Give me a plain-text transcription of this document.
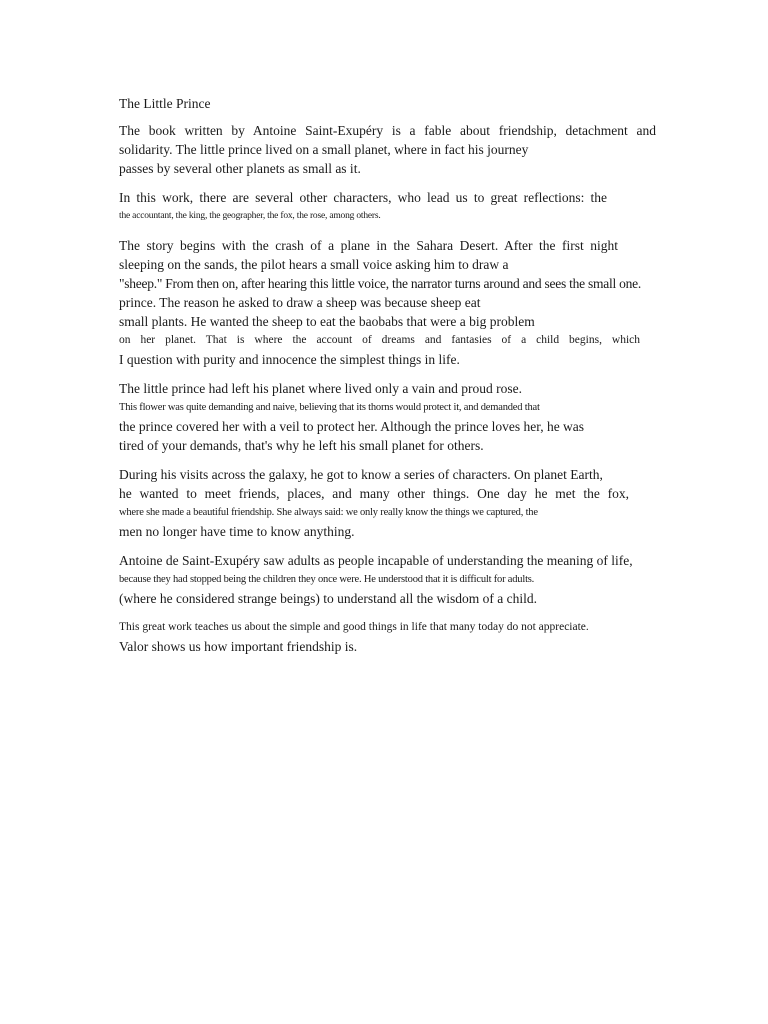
The Little Prince
The book written by Antoine Saint-Exupéry is a fable about friendship, detachment and
solidarity. The little prince lived on a small planet, where in fact his journey
passes by several other planets as small as it.
In this work, there are several other characters, who lead us to great reflections: the
the accountant, the king, the geographer, the fox, the rose, among others.
The story begins with the crash of a plane in the Sahara Desert. After the first night
sleeping on the sands, the pilot hears a small voice asking him to draw a
"sheep." From then on, after hearing this little voice, the narrator turns around and sees the small one.
prince. The reason he asked to draw a sheep was because sheep eat
small plants. He wanted the sheep to eat the baobabs that were a big problem
on her planet. That is where the account of dreams and fantasies of a child begins, which
I question with purity and innocence the simplest things in life.
The little prince had left his planet where lived only a vain and proud rose.
This flower was quite demanding and naive, believing that its thorns would protect it, and demanded that
the prince covered her with a veil to protect her. Although the prince loves her, he was
tired of your demands, that's why he left his small planet for others.
During his visits across the galaxy, he got to know a series of characters. On planet Earth,
he wanted to meet friends, places, and many other things. One day he met the fox,
where she made a beautiful friendship. She always said: we only really know the things we captured, the
men no longer have time to know anything.
Antoine de Saint-Exupéry saw adults as people incapable of understanding the meaning of life,
because they had stopped being the children they once were. He understood that it is difficult for adults.
(where he considered strange beings) to understand all the wisdom of a child.
This great work teaches us about the simple and good things in life that many today do not appreciate.
Valor shows us how important friendship is.
